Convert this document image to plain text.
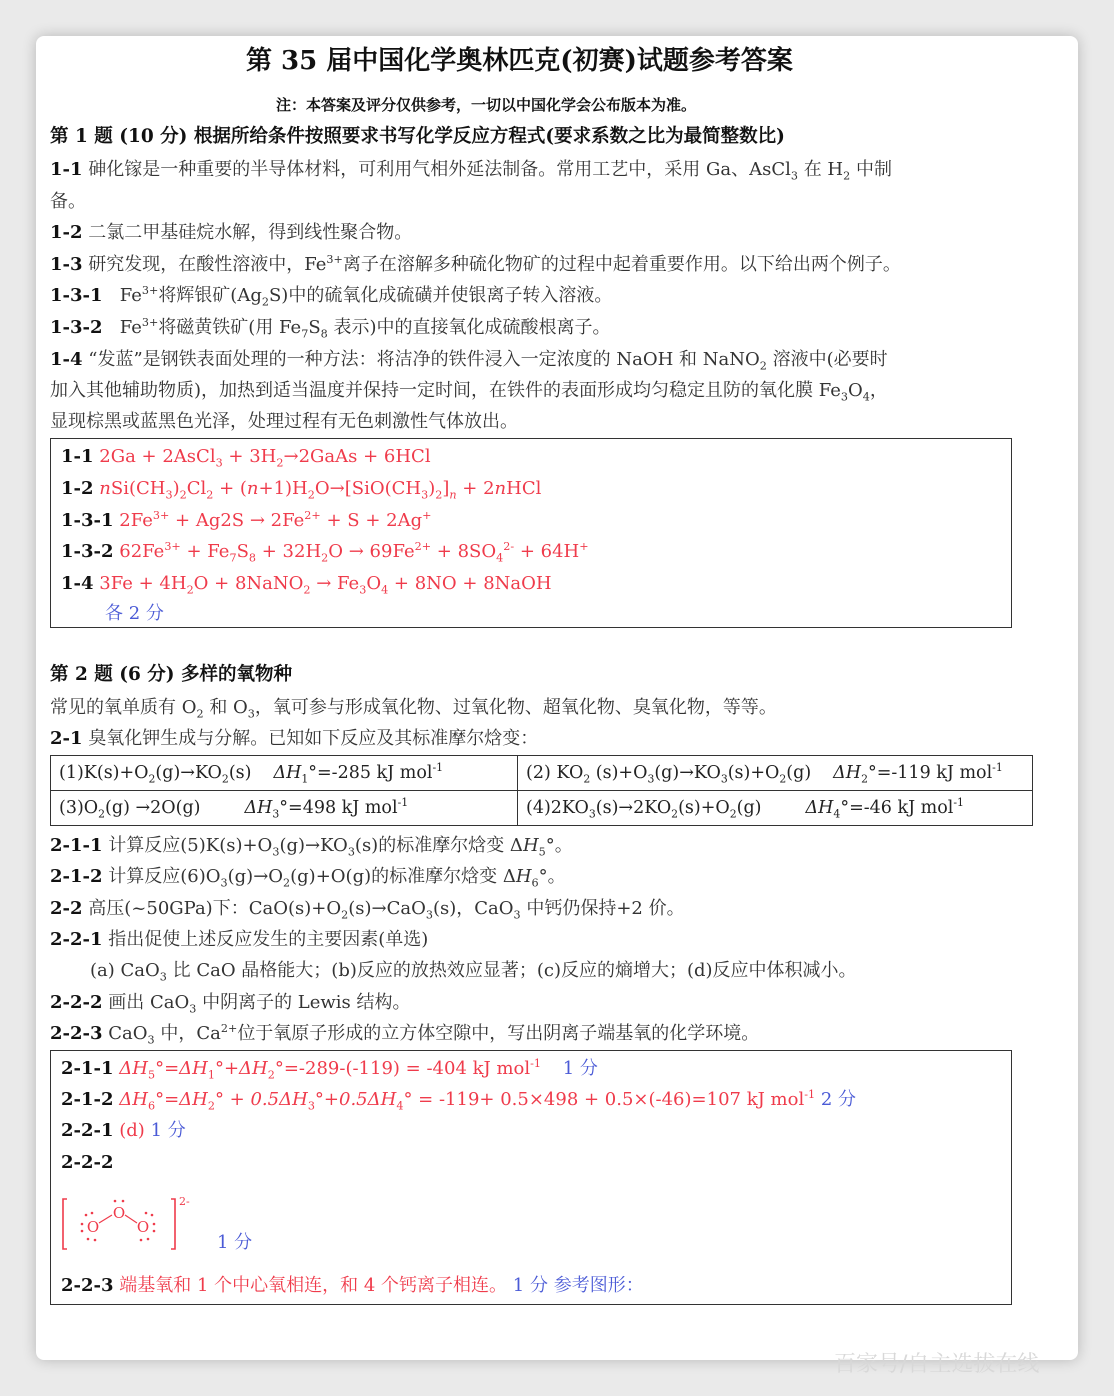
第 35 届中国化学奥林匹克(初赛)试题参考答案
注：本答案及评分仅供参考，一切以中国化学会公布版本为准。
第 1 题 (10 分) 根据所给条件按照要求书写化学反应方程式(要求系数之比为最简整数比)
1-1 砷化镓是一种重要的半导体材料，可利用气相外延法制备。常用工艺中，采用 Ga、AsCl$_3$ 在 $H_2$ 中制
备。
1-2 二氯二甲基硅烷水解，得到线性聚合物。
1-3 研究发现，在酸性溶液中，$Fe^{3+}$离子在溶解多种硫化物矿的过程中起着重要作用。以下给出两个例子。
1-3-1 $Fe^{3+}$将辉银矿$(Ag_2S)$中的硫氧化成硫磺并使银离子转入溶液。
1-3-2 $Fe^{3+}$将磁黄铁矿(用 $Fe_7S_8$ 表示)中的直接氧化成硫酸根离子。
1-4 “发蓝”是钢铁表面处理的一种方法：将洁净的铁件浸入一定浓度的 NaOH 和 NaNO$_2$ 溶液中(必要时
加入其他辅助物质)，加热到适当温度并保持一定时间，在铁件的表面形成均匀稳定且防的氧化膜 $Fe_3O_4$，
显现棕黑或蓝黑色光泽，处理过程有无色刺激性气体放出。
1-1 2Ga + 2AsCl$_3$ + $3H_2\to 2GaAs + 6HCl$
1-2 $nSi(CH_3)_2Cl_2 + (n+1)H_2O\to[SiO(CH_3)_2]_n$ + 2nHCl
1-3-1 $2Fe^{3+} + Ag2S \to 2Fe^{2+} + S + 2Ag^+$
1-3-2 $62Fe^{3+} + Fe_7S_8 + 32H_2O \to 69Fe^{2+} + 8SO_4^{2-} + 64H^+$
1-4 $3Fe + 4H_2O$ + 8NaNO$_2$ → $Fe_3O_4 + 8NO$ + 8NaOH
各 2 分
第 2 题 (6 分) 多样的氧物种
常见的氧单质有 $O_2$ 和 $O_3$，氧可参与形成氧化物、过氧化物、超氧化物、臭氧化物，等等。
2-1 臭氧化钾生成与分解。已知如下反应及其标准摩尔焓变：
$(1)K(s)+O_2(g)\to KO_2(s)$ $\Delta H_1^\circ=-285$ kJ mol$^{-1}$	(2) $KO_2$ $(s)+O_3(g)\to KO_3(s)+O_2(g)$ $\Delta H_2^\circ=-119$ kJ mol$^{-1}$
$(3)O_2(g) \to 2O(g)$ $\Delta H_3^\circ=498$ kJ mol$^{-1}$	$(4)2KO_3(s)\to 2KO_2(s)+O_2(g)$ $\Delta H_4^\circ=-46$ kJ mol$^{-1}$
2-1-1 计算反应$(5)K(s)+O_3(g)\to KO_3(s)$的标准摩尔焓变 $\Delta H_5^\circ$。
2-1-2 计算反应$(6)O_3(g)\to O_2(g)+O(g)$的标准摩尔焓变 $\Delta H_6^\circ$。
2-2 高压(~50GPa)下：$CaO(s)+O_2(s)\to CaO_3(s)$，CaO$_3$ 中钙仍保持+2 价。
2-2-1 指出促使上述反应发生的主要因素(单选)
(a) CaO$_3$ 比 CaO 晶格能大；(b)反应的放热效应显著；(c)反应的熵增大；(d)反应中体积减小。
2-2-2 画出 CaO$_3$ 中阴离子的 Lewis 结构。
2-2-3 CaO$_3$ 中，$Ca^{2+}$位于氧原子形成的立方体空隙中，写出阴离子端基氧的化学环境。
2-1-1 $\Delta H_5^\circ=\Delta H_1^\circ+\Delta H_2^\circ=-289-(-119) = -404$ kJ mol$^{-1}$ 1 分
2-1-2 $\Delta H_6^\circ=\Delta H_2^\circ + 0.5\Delta H_3^\circ+0.5\Delta H_4^\circ = -119+ 0.5\times 498 + 0.5\times(-46)=107$ kJ mol$^{-1}$ 2 分
2-2-1 (d) 1 分
2-2-2
O
O
O
2-
1 分
2-2-3 端基氧和 1 个中心氧相连，和 4 个钙离子相连。 1 分 参考图形：
百家号/自主选拔在线
